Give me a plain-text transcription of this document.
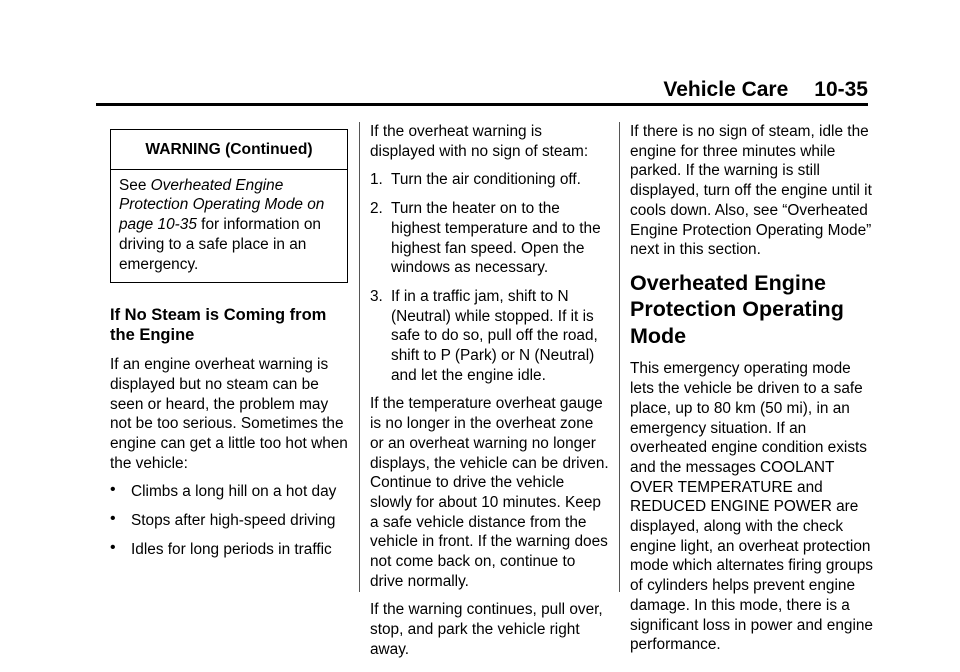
Vehicle Care 10-35
WARNING (Continued)
See Overheated Engine Protection Operating Mode on page 10-35 for information on driving to a safe place in an emergency.
If No Steam is Coming from the Engine

If an engine overheat warning is displayed but no steam can be seen or heard, the problem may not be too serious. Sometimes the engine can get a little too hot when the vehicle:

• Climbs a long hill on a hot day
• Stops after high-speed driving
• Idles for long periods in traffic

If the overheat warning is displayed with no sign of steam:

1. Turn the air conditioning off.
2. Turn the heater on to the highest temperature and to the highest fan speed. Open the windows as necessary.
3. If in a traffic jam, shift to N (Neutral) while stopped. If it is safe to do so, pull off the road, shift to P (Park) or N (Neutral) and let the engine idle.

If the temperature overheat gauge is no longer in the overheat zone or an overheat warning no longer displays, the vehicle can be driven. Continue to drive the vehicle slowly for about 10 minutes. Keep a safe vehicle distance from the vehicle in front. If the warning does not come back on, continue to drive normally.

If the warning continues, pull over, stop, and park the vehicle right away.

If there is no sign of steam, idle the engine for three minutes while parked. If the warning is still displayed, turn off the engine until it cools down. Also, see “Overheated Engine Protection Operating Mode” next in this section.

Overheated Engine Protection Operating Mode

This emergency operating mode lets the vehicle be driven to a safe place, up to 80 km (50 mi), in an emergency situation. If an overheated engine condition exists and the messages COOLANT OVER TEMPERATURE and REDUCED ENGINE POWER are displayed, along with the check engine light, an overheat protection mode which alternates firing groups of cylinders helps prevent engine damage. In this mode, there is a significant loss in power and engine performance.
